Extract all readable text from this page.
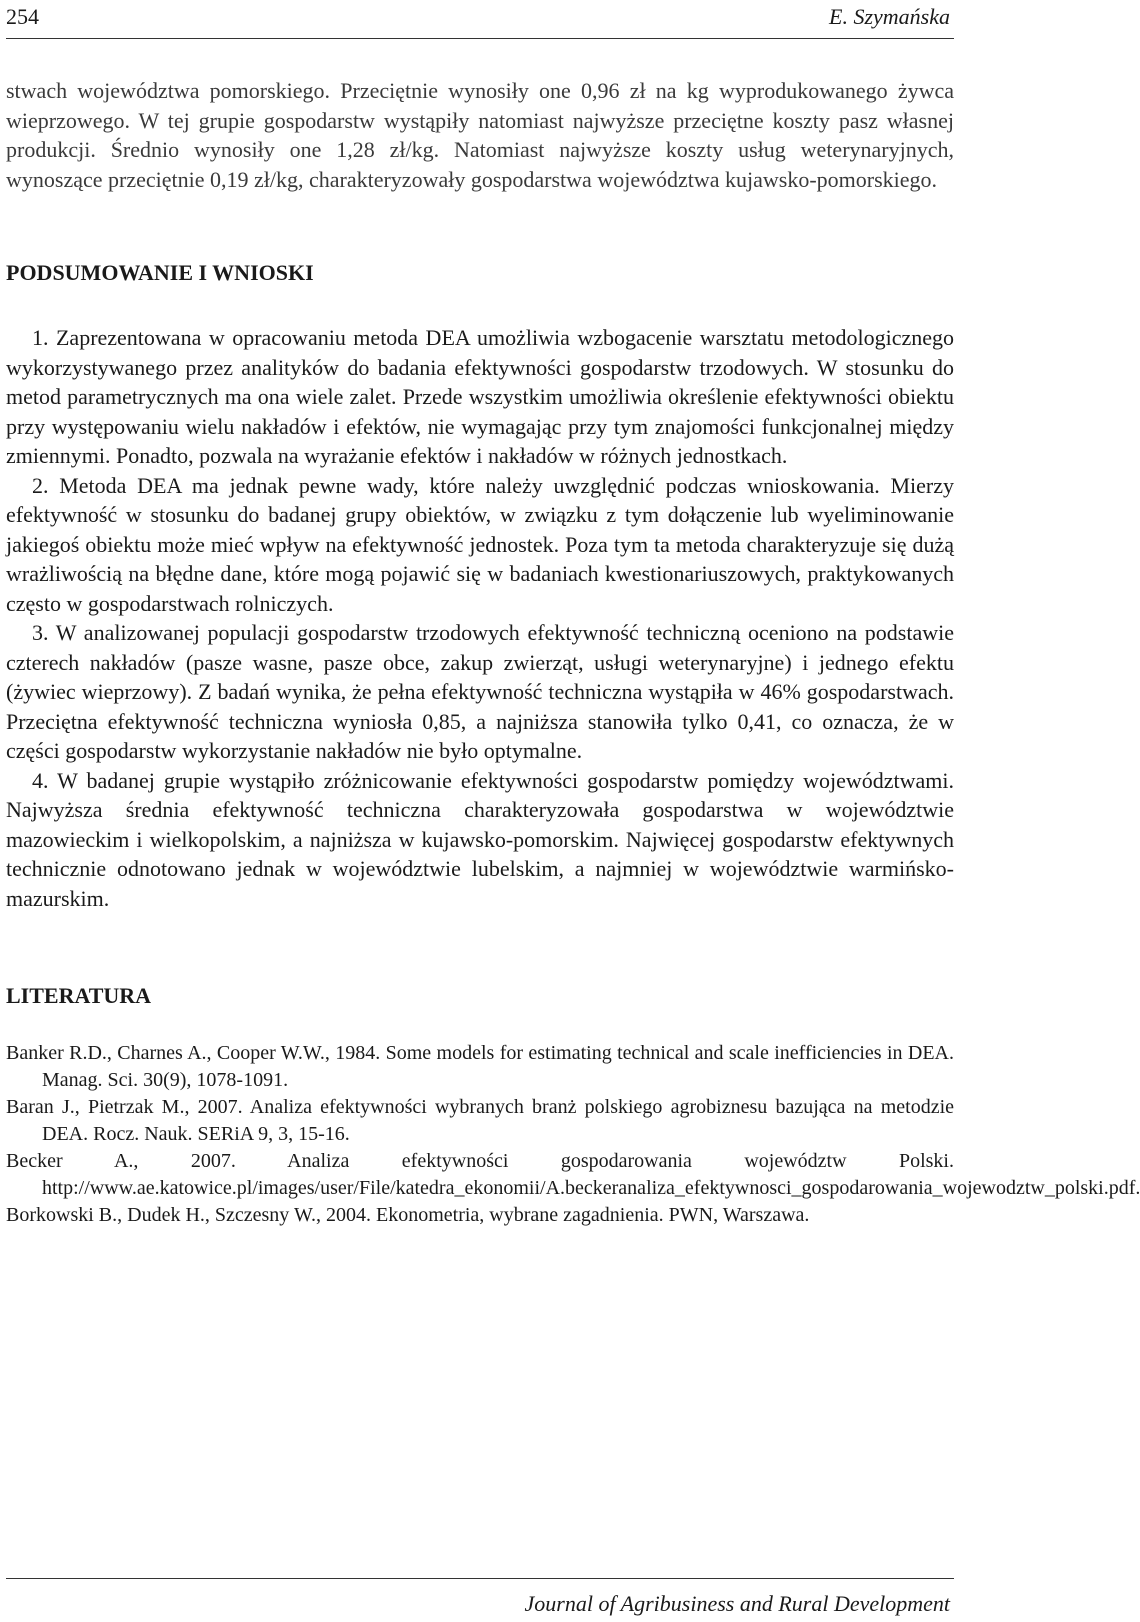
254	E. Szymańska

stwach województwa pomorskiego. Przeciętnie wynosiły one 0,96 zł na kg wyprodukowanego żywca wieprzowego. W tej grupie gospodarstw wystąpiły natomiast najwyższe przeciętne koszty pasz własnej produkcji. Średnio wynosiły one 1,28 zł/kg. Natomiast najwyższe koszty usług weterynaryjnych, wynoszące przeciętnie 0,19 zł/kg, charakteryzowały gospodarstwa województwa kujawsko-pomorskiego.

PODSUMOWANIE I WNIOSKI

1. Zaprezentowana w opracowaniu metoda DEA umożliwia wzbogacenie warsztatu metodologicznego wykorzystywanego przez analityków do badania efektywności gospodarstw trzodowych. W stosunku do metod parametrycznych ma ona wiele zalet. Przede wszystkim umożliwia określenie efektywności obiektu przy występowaniu wielu nakładów i efektów, nie wymagając przy tym znajomości funkcjonalnej między zmiennymi. Ponadto, pozwala na wyrażanie efektów i nakładów w różnych jednostkach.

2. Metoda DEA ma jednak pewne wady, które należy uwzględnić podczas wnioskowania. Mierzy efektywność w stosunku do badanej grupy obiektów, w związku z tym dołączenie lub wyeliminowanie jakiegoś obiektu może mieć wpływ na efektywność jednostek. Poza tym ta metoda charakteryzuje się dużą wrażliwością na błędne dane, które mogą pojawić się w badaniach kwestionariuszowych, praktykowanych często w gospodarstwach rolniczych.

3. W analizowanej populacji gospodarstw trzodowych efektywność techniczną oceniono na podstawie czterech nakładów (pasze wasne, pasze obce, zakup zwierząt, usługi weterynaryjne) i jednego efektu (żywiec wieprzowy). Z badań wynika, że pełna efektywność techniczna wystąpiła w 46% gospodarstwach. Przeciętna efektywność techniczna wyniosła 0,85, a najniższa stanowiła tylko 0,41, co oznacza, że w części gospodarstw wykorzystanie nakładów nie było optymalne.

4. W badanej grupie wystąpiło zróżnicowanie efektywności gospodarstw pomiędzy województwami. Najwyższa średnia efektywność techniczna charakteryzowała gospodarstwa w województwie mazowieckim i wielkopolskim, a najniższa w kujawsko-pomorskim. Najwięcej gospodarstw efektywnych technicznie odnotowano jednak w województwie lubelskim, a najmniej w województwie warmińsko-mazurskim.

LITERATURA

Banker R.D., Charnes A., Cooper W.W., 1984. Some models for estimating technical and scale inefficiencies in DEA. Manag. Sci. 30(9), 1078-1091.

Baran J., Pietrzak M., 2007. Analiza efektywności wybranych branż polskiego agrobiznesu bazująca na metodzie DEA. Rocz. Nauk. SERiA 9, 3, 15-16.

Becker A., 2007. Analiza efektywności gospodarowania województw Polski. http://www.ae.katowice.pl/images/user/File/katedra_ekonomii/A.beckeranaliza_efektywnosci_gospodarowania_wojewodztw_polski.pdf.

Borkowski B., Dudek H., Szczesny W., 2004. Ekonometria, wybrane zagadnienia. PWN, Warszawa.

Journal of Agribusiness and Rural Development
